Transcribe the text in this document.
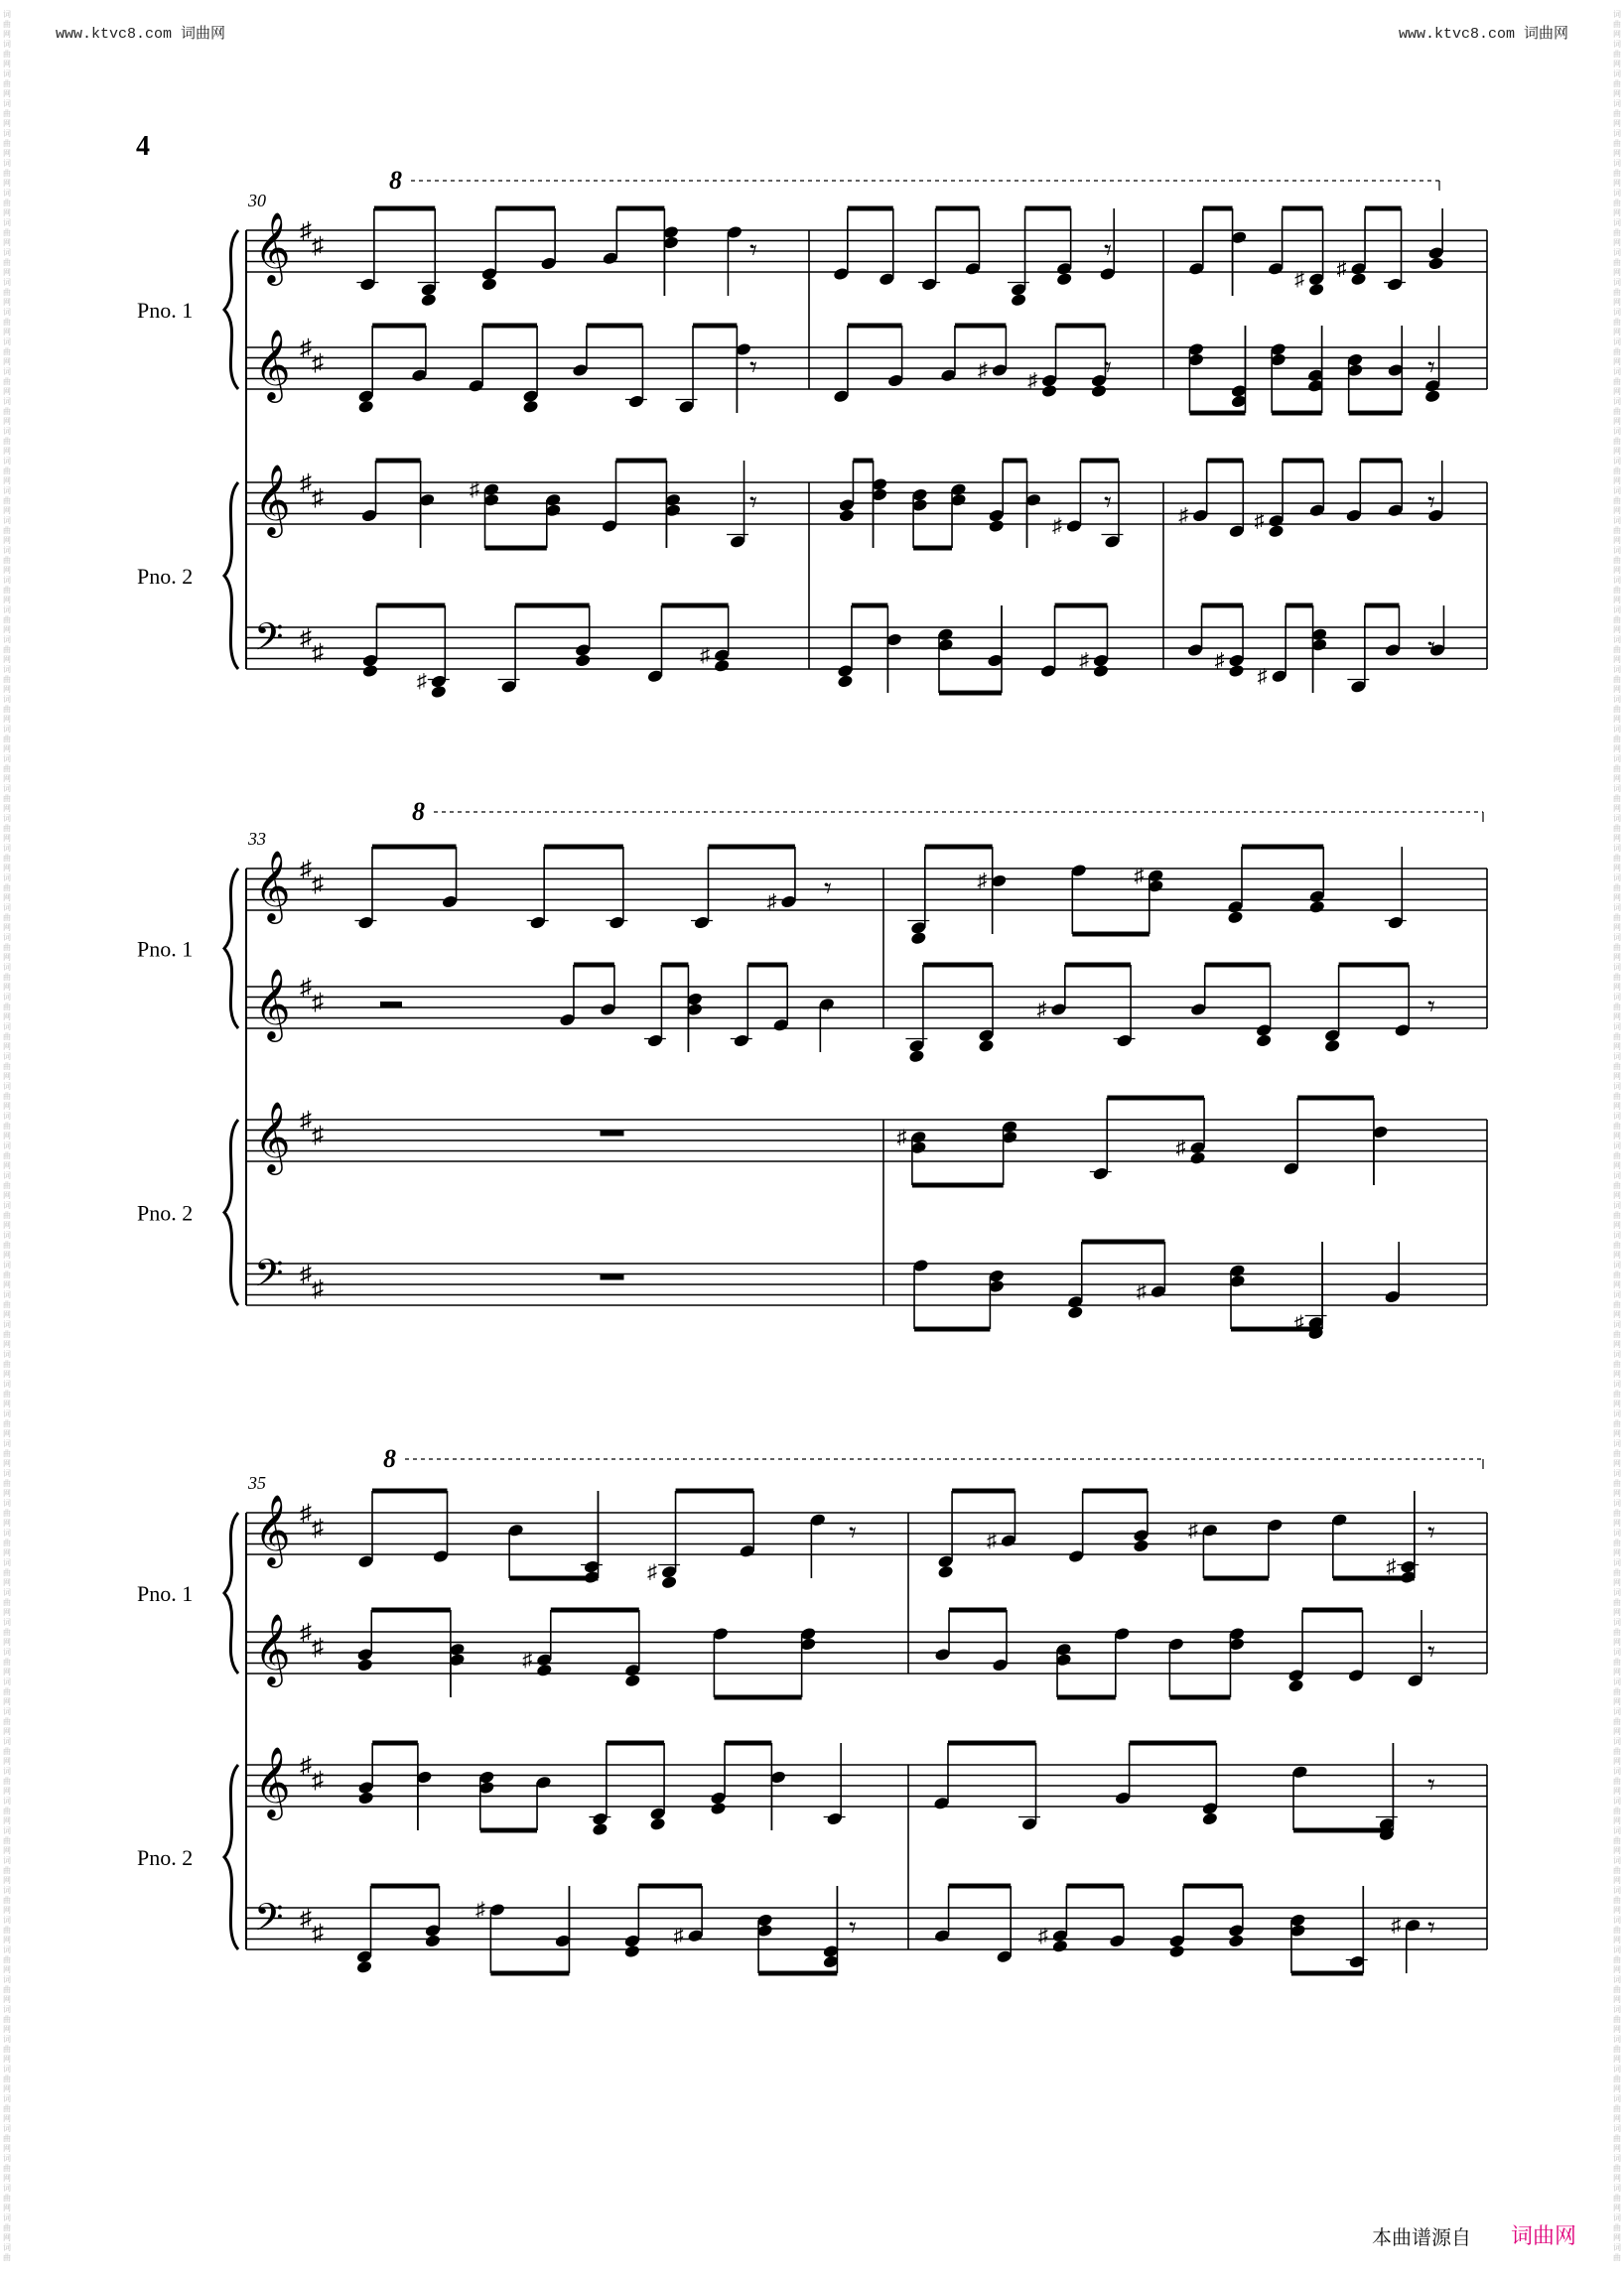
www.ktvc8.com 词曲网	www.ktvc8.com 词曲网
词
曲
网
词
曲
网
词
曲
网
词
曲
网
词
曲
网
词
曲
网
词
曲
网
词
曲
网
词
曲
网
词
曲
网
词
曲
网
词
曲
网
词
曲
网
词
曲
网
词
曲
网
词
曲
网
词
曲
网
词
曲
网
词
曲
网
词
曲
网
词
曲
网
词
曲
网
词
曲
网
词
曲
网
词
曲
网
词
曲
网
词
曲
网
词
曲
网
词
曲
网
词
曲
网
词
曲
网
词
曲
网
词
曲
网
词
曲
网
词
曲
网
词
曲
网
词
曲
网
词
曲
网
词
曲
网
词
曲
网
词
曲
网
词
曲
网
词
曲
网
词
曲
网
词
曲
网
词
曲
网
词
曲
网
词
曲
网
词
曲
网
词
曲
网
词
曲
网
词
曲
网
词
曲
网
词
曲
网
词
曲
网
词
曲
网
词
曲
网
词
曲
网
词
曲
网
词
曲
网
词
曲
网
词
曲
网
词
曲
网
词
曲
网
词
曲
网
词
曲
网
词
曲
网
词
曲
网
词
曲
网
词
曲
网
词
曲
网
词
曲
网
词
曲
网
词
曲
网
词
曲
网
词
曲
词
曲
网
词
曲
网
词
曲
网
词
曲
网
词
曲
网
词
曲
网
词
曲
网
词
曲
网
词
曲
网
词
曲
网
词
曲
网
词
曲
网
词
曲
网
词
曲
网
词
曲
网
词
曲
网
词
曲
网
词
曲
网
词
曲
网
词
曲
网
词
曲
网
词
曲
网
词
曲
网
词
曲
网
词
曲
网
词
曲
网
词
曲
网
词
曲
网
词
曲
网
词
曲
网
词
曲
网
词
曲
网
词
曲
网
词
曲
网
词
曲
网
词
曲
网
词
曲
网
词
曲
网
词
曲
网
词
曲
网
词
曲
网
词
曲
网
词
曲
网
词
曲
网
词
曲
网
词
曲
网
词
曲
网
词
曲
网
词
曲
网
词
曲
网
词
曲
网
词
曲
网
词
曲
网
词
曲
网
词
曲
网
词
曲
网
词
曲
网
词
曲
网
词
曲
网
词
曲
网
词
曲
网
词
曲
网
词
曲
网
词
曲
网
词
曲
网
词
曲
网
词
曲
网
词
曲
网
词
曲
网
词
曲
网
词
曲
网
词
曲
网
词
曲
网
词
曲
网
词
曲
网
词
曲
4
𝄞 ♯
♯
𝄞 ♯
♯
𝄞 ♯
♯
𝄢 ♯
♯
Pno. 1
Pno. 2
30
8
𝄾
𝄾
♯	𝄾
♯
♯
𝄾
♯ ♯ 𝄾
♯
𝄾
♯
♯ ♯
𝄾
♯	♯
𝄾
♯
♯
𝄾
𝄞 ♯
♯
𝄞 ♯
♯
𝄞 ♯
♯
𝄢 ♯
♯
Pno. 1
Pno. 2
33
8
♯ 𝄾
𝄾
♯	♯
♯	𝄾
♯	♯
♯
♯
𝄞 ♯
♯
𝄞 ♯
♯
𝄞 ♯
♯
𝄢 ♯
♯
Pno. 1
Pno. 2
35
8
♯
𝄾
♯
♯
♯	𝄾
♯	♯
♯
𝄾
𝄾
𝄾
♯	♯ 𝄾
本曲谱源自 词曲网
